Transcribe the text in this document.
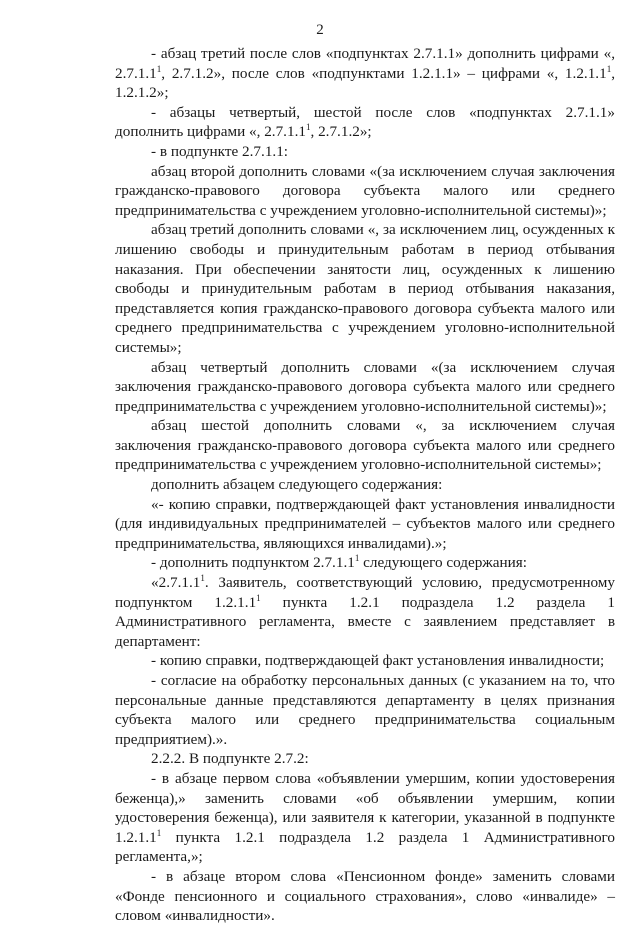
2

- абзац третий после слов «подпунктах 2.7.1.1» дополнить цифрами «, 2.7.1.1$^1$, 2.7.1.2», после слов «подпунктами 1.2.1.1» – цифрами «, 1.2.1.1$^1$, 1.2.1.2»;

- абзацы четвертый, шестой после слов «подпунктах 2.7.1.1» дополнить цифрами «, 2.7.1.1$^1$, 2.7.1.2»;

- в подпункте 2.7.1.1:

абзац второй дополнить словами «(за исключением случая заключения гражданско-правового договора субъекта малого или среднего предпринимательства с учреждением уголовно-исполнительной системы)»;

абзац третий дополнить словами «, за исключением лиц, осужденных к лишению свободы и принудительным работам в период отбывания наказания. При обеспечении занятости лиц, осужденных к лишению свободы и принудительным работам в период отбывания наказания, представляется копия гражданско-правового договора субъекта малого или среднего предпринимательства с учреждением уголовно-исполнительной системы»;

абзац четвертый дополнить словами «(за исключением случая заключения гражданско-правового договора субъекта малого или среднего предпринимательства с учреждением уголовно-исполнительной системы)»;

абзац шестой дополнить словами «, за исключением случая заключения гражданско-правового договора субъекта малого или среднего предпринимательства с учреждением уголовно-исполнительной системы»;

дополнить абзацем следующего содержания:

«- копию справки, подтверждающей факт установления инвалидности (для индивидуальных предпринимателей – субъектов малого или среднего предпринимательства, являющихся инвалидами).»;

- дополнить подпунктом 2.7.1.1$^1$ следующего содержания:

«2.7.1.1$^1$. Заявитель, соответствующий условию, предусмотренному подпунктом 1.2.1.1$^1$ пункта 1.2.1 подраздела 1.2 раздела 1 Административного регламента, вместе с заявлением представляет в департамент:

- копию справки, подтверждающей факт установления инвалидности;

- согласие на обработку персональных данных (с указанием на то, что персональные данные представляются департаменту в целях признания субъекта малого или среднего предпринимательства социальным предприятием).».

2.2.2. В подпункте 2.7.2:

- в абзаце первом слова «объявлении умершим, копии удостоверения беженца),» заменить словами «об объявлении умершим, копии удостоверения беженца), или заявителя к категории, указанной в подпункте 1.2.1.1$^1$ пункта 1.2.1 подраздела 1.2 раздела 1 Административного регламента,»;

- в абзаце втором слова «Пенсионном фонде» заменить словами «Фонде пенсионного и социального страхования», слово «инвалиде» – словом «инвалидности».
